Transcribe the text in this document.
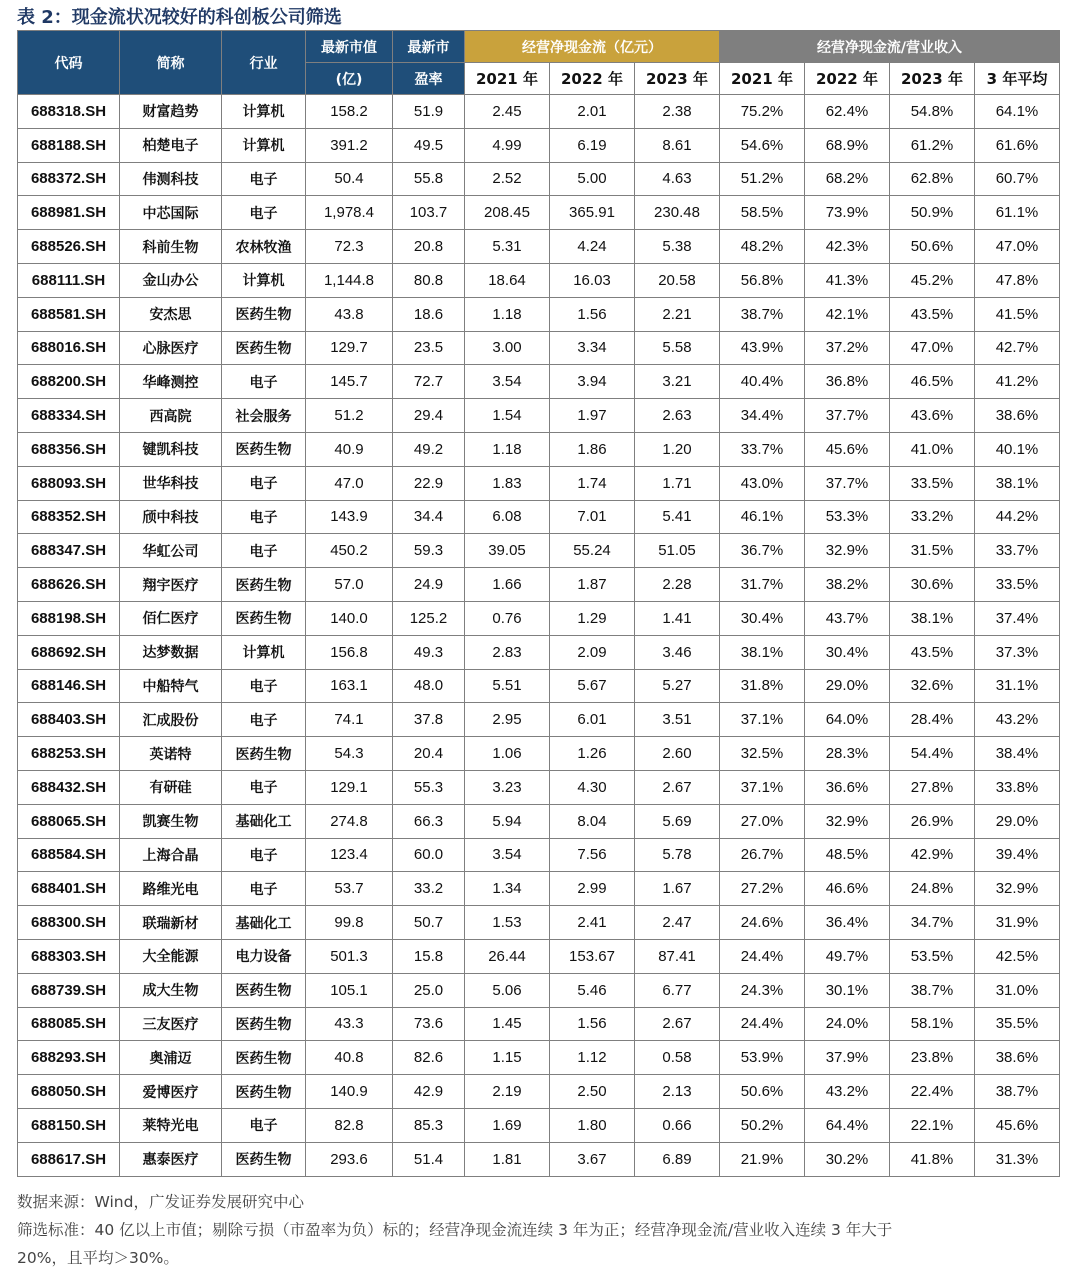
表 2：现金流状况较好的科创板公司筛选
代码	简称	行业	最新市值	最新市	经营净现金流（亿元）			经营净现金流/营业收入			
			(亿)	盈率	2021 年	2022 年	2023 年	2021 年	2022 年	2023 年	3 年平均
688318.SH	财富趋势	计算机	158.2	51.9	2.45	2.01	2.38	75.2%	62.4%	54.8%	64.1%
688188.SH	柏楚电子	计算机	391.2	49.5	4.99	6.19	8.61	54.6%	68.9%	61.2%	61.6%
688372.SH	伟测科技	电子	50.4	55.8	2.52	5.00	4.63	51.2%	68.2%	62.8%	60.7%
688981.SH	中芯国际	电子	1,978.4	103.7	208.45	365.91	230.48	58.5%	73.9%	50.9%	61.1%
688526.SH	科前生物	农林牧渔	72.3	20.8	5.31	4.24	5.38	48.2%	42.3%	50.6%	47.0%
688111.SH	金山办公	计算机	1,144.8	80.8	18.64	16.03	20.58	56.8%	41.3%	45.2%	47.8%
688581.SH	安杰思	医药生物	43.8	18.6	1.18	1.56	2.21	38.7%	42.1%	43.5%	41.5%
688016.SH	心脉医疗	医药生物	129.7	23.5	3.00	3.34	5.58	43.9%	37.2%	47.0%	42.7%
688200.SH	华峰测控	电子	145.7	72.7	3.54	3.94	3.21	40.4%	36.8%	46.5%	41.2%
688334.SH	西高院	社会服务	51.2	29.4	1.54	1.97	2.63	34.4%	37.7%	43.6%	38.6%
688356.SH	键凯科技	医药生物	40.9	49.2	1.18	1.86	1.20	33.7%	45.6%	41.0%	40.1%
688093.SH	世华科技	电子	47.0	22.9	1.83	1.74	1.71	43.0%	37.7%	33.5%	38.1%
688352.SH	颀中科技	电子	143.9	34.4	6.08	7.01	5.41	46.1%	53.3%	33.2%	44.2%
688347.SH	华虹公司	电子	450.2	59.3	39.05	55.24	51.05	36.7%	32.9%	31.5%	33.7%
688626.SH	翔宇医疗	医药生物	57.0	24.9	1.66	1.87	2.28	31.7%	38.2%	30.6%	33.5%
688198.SH	佰仁医疗	医药生物	140.0	125.2	0.76	1.29	1.41	30.4%	43.7%	38.1%	37.4%
688692.SH	达梦数据	计算机	156.8	49.3	2.83	2.09	3.46	38.1%	30.4%	43.5%	37.3%
688146.SH	中船特气	电子	163.1	48.0	5.51	5.67	5.27	31.8%	29.0%	32.6%	31.1%
688403.SH	汇成股份	电子	74.1	37.8	2.95	6.01	3.51	37.1%	64.0%	28.4%	43.2%
688253.SH	英诺特	医药生物	54.3	20.4	1.06	1.26	2.60	32.5%	28.3%	54.4%	38.4%
688432.SH	有研硅	电子	129.1	55.3	3.23	4.30	2.67	37.1%	36.6%	27.8%	33.8%
688065.SH	凯赛生物	基础化工	274.8	66.3	5.94	8.04	5.69	27.0%	32.9%	26.9%	29.0%
688584.SH	上海合晶	电子	123.4	60.0	3.54	7.56	5.78	26.7%	48.5%	42.9%	39.4%
688401.SH	路维光电	电子	53.7	33.2	1.34	2.99	1.67	27.2%	46.6%	24.8%	32.9%
688300.SH	联瑞新材	基础化工	99.8	50.7	1.53	2.41	2.47	24.6%	36.4%	34.7%	31.9%
688303.SH	大全能源	电力设备	501.3	15.8	26.44	153.67	87.41	24.4%	49.7%	53.5%	42.5%
688739.SH	成大生物	医药生物	105.1	25.0	5.06	5.46	6.77	24.3%	30.1%	38.7%	31.0%
688085.SH	三友医疗	医药生物	43.3	73.6	1.45	1.56	2.67	24.4%	24.0%	58.1%	35.5%
688293.SH	奥浦迈	医药生物	40.8	82.6	1.15	1.12	0.58	53.9%	37.9%	23.8%	38.6%
688050.SH	爱博医疗	医药生物	140.9	42.9	2.19	2.50	2.13	50.6%	43.2%	22.4%	38.7%
688150.SH	莱特光电	电子	82.8	85.3	1.69	1.80	0.66	50.2%	64.4%	22.1%	45.6%
688617.SH	惠泰医疗	医药生物	293.6	51.4	1.81	3.67	6.89	21.9%	30.2%	41.8%	31.3%
数据来源：Wind，广发证券发展研究中心
筛选标准：40 亿以上市值；剔除亏损（市盈率为负）标的；经营净现金流连续 3 年为正；经营净现金流/营业收入连续 3 年大于
20%，且平均＞30%。
